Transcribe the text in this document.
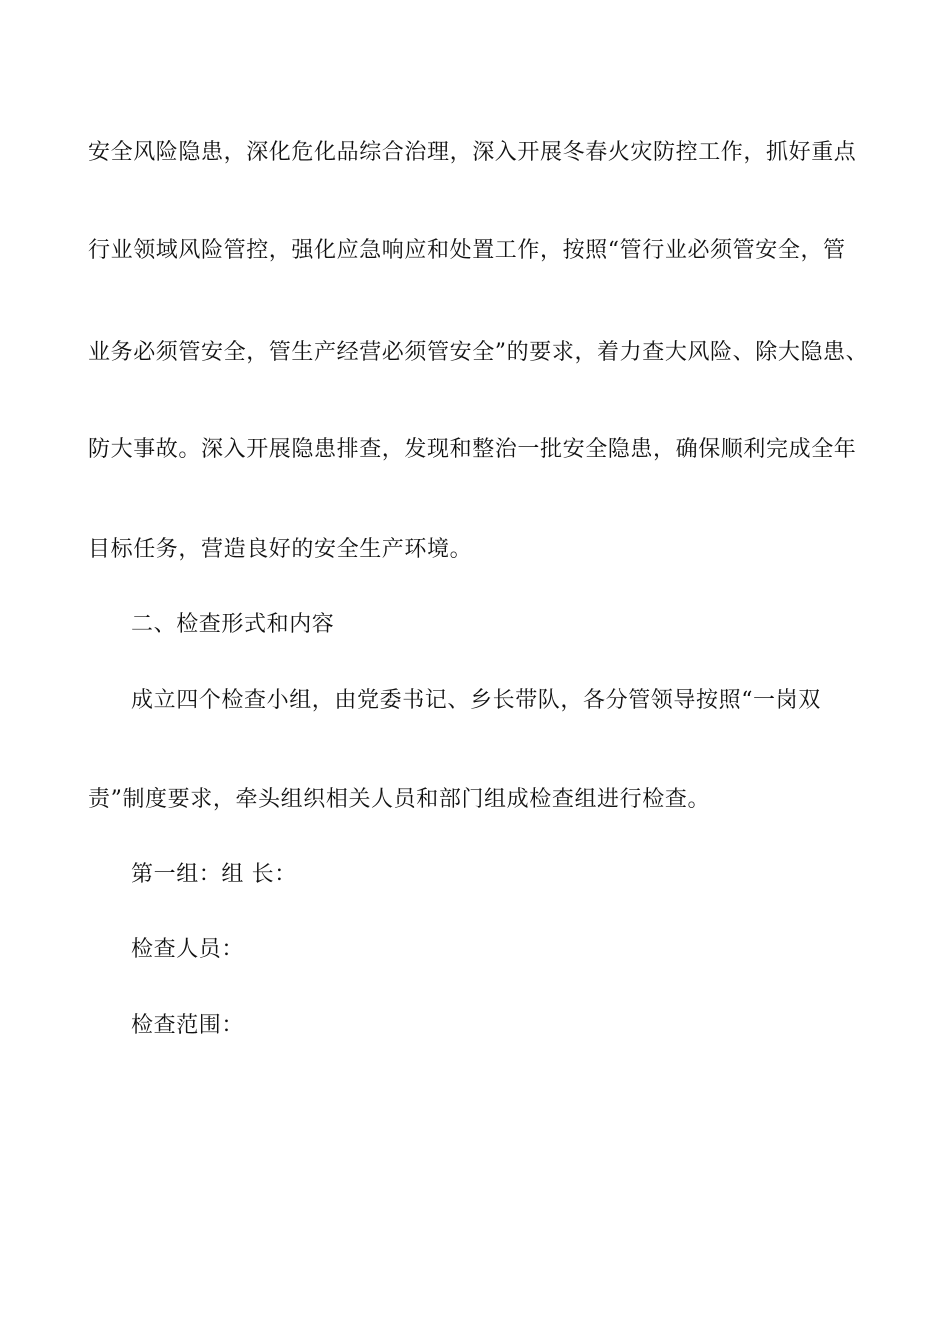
安全风险隐患，深化危化品综合治理，深入开展冬春火灾防控工作，抓好重点
行业领域风险管控，强化应急响应和处置工作，按照“管行业必须管安全，管
业务必须管安全，管生产经营必须管安全”的要求，着力查大风险、除大隐患、
防大事故。深入开展隐患排查，发现和整治一批安全隐患，确保顺利完成全年
目标任务，营造良好的安全生产环境。
二、检查形式和内容
成立四个检查小组，由党委书记、乡长带队，各分管领导按照“一岗双
责”制度要求，牵头组织相关人员和部门组成检查组进行检查。
第一组：组 长：
检查人员：
检查范围：
